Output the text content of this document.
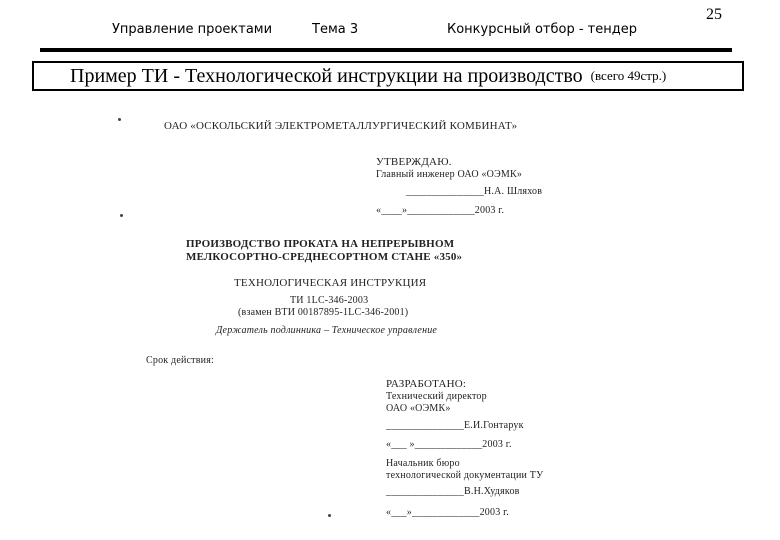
Управление проектами	Тема 3	Конкурсный отбор - тендер
25
Пример ТИ - Технологической инструкции на производство (всего 49стр.)
ОАО «ОСКОЛЬСКИЙ ЭЛЕКТРОМЕТАЛЛУРГИЧЕСКИЙ КОМБИНАТ»
УТВЕРЖДАЮ.
Главный инженер ОАО «ОЭМК»
_______________Н.А. Шляхов
«____»_____________2003 г.
ПРОИЗВОДСТВО ПРОКАТА НА НЕПРЕРЫВНОМ
МЕЛКОСОРТНО-СРЕДНЕСОРТНОМ СТАНЕ «350»
ТЕХНОЛОГИЧЕСКАЯ ИНСТРУКЦИЯ
ТИ 1LС-346-2003
(взамен ВТИ 00187895-1LС-346-2001)
Держатель подлинника – Техническое управление
Срок действия:
РАЗРАБОТАНО:
Технический директор
ОАО «ОЭМК»
_______________Е.И.Гонтарук
«___ »_____________2003 г.
Начальник бюро
технологической документации ТУ
_______________В.Н.Худяков
«___»_____________2003 г.
